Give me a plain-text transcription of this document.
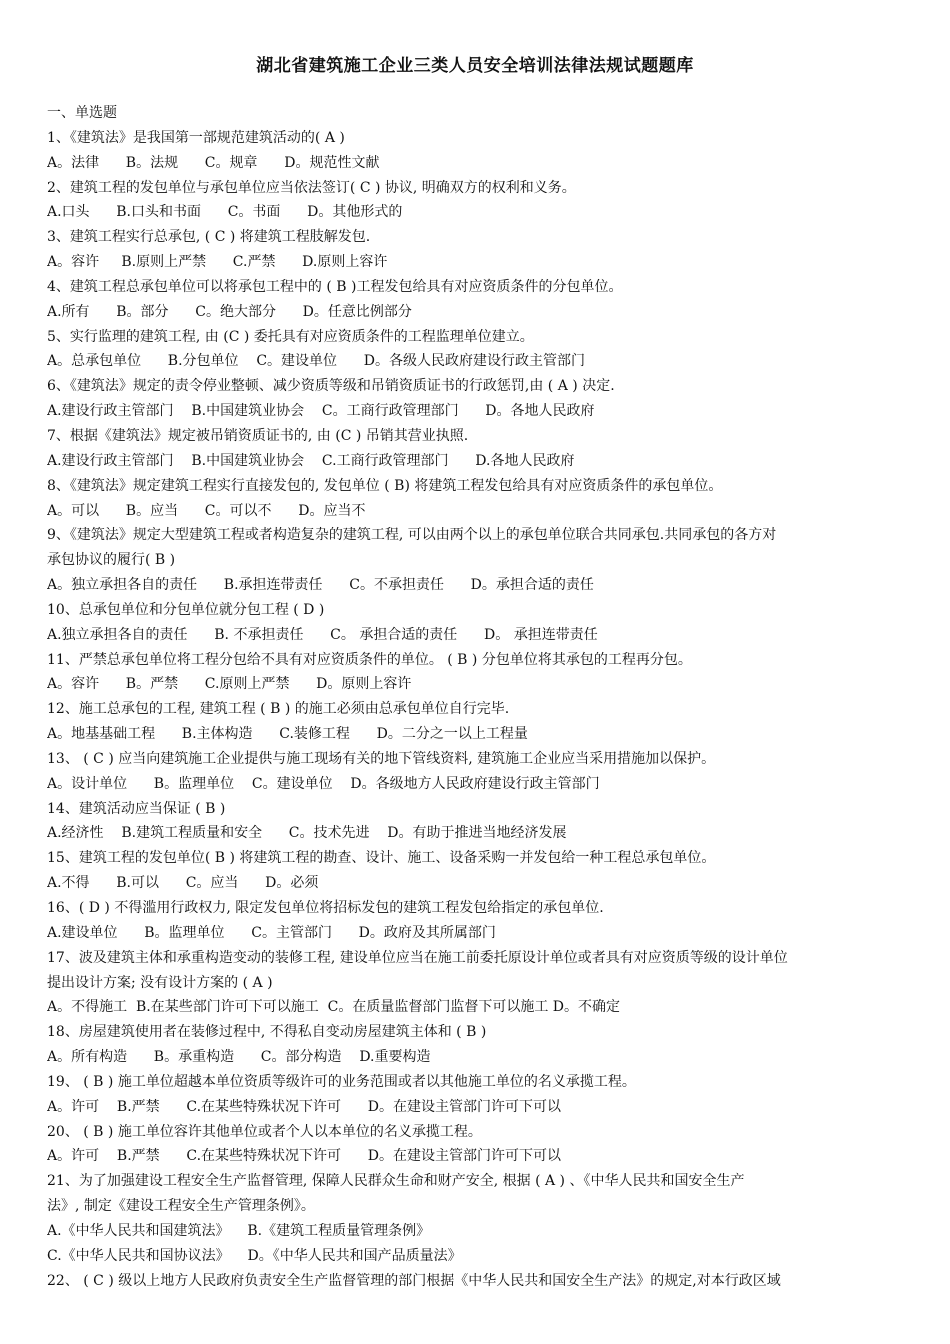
湖北省建筑施工企业三类人员安全培训法律法规试题题库
一、单选题
1、《建筑法》是我国第一部规范建筑活动的( A )
A。法律      B。法规      C。规章      D。规范性文献
2、建筑工程的发包单位与承包单位应当依法签订( C ) 协议, 明确双方的权利和义务。
A.口头      B.口头和书面      C。书面      D。其他形式的
3、建筑工程实行总承包, ( C ) 将建筑工程肢解发包.
A。容许     B.原则上严禁      C.严禁      D.原则上容许
4、建筑工程总承包单位可以将承包工程中的 ( B )工程发包给具有对应资质条件的分包单位。
A.所有      B。部分      C。绝大部分      D。任意比例部分
5、实行监理的建筑工程, 由 (C ) 委托具有对应资质条件的工程监理单位建立。
A。总承包单位      B.分包单位    C。建设单位      D。各级人民政府建设行政主管部门
6、《建筑法》规定的责令停业整顿、减少资质等级和吊销资质证书的行政惩罚,由 ( A ) 决定.
A.建设行政主管部门    B.中国建筑业协会    C。工商行政管理部门      D。各地人民政府
7、根据《建筑法》规定被吊销资质证书的, 由 (C ) 吊销其营业执照.
A.建设行政主管部门    B.中国建筑业协会    C.工商行政管理部门      D.各地人民政府
8、《建筑法》规定建筑工程实行直接发包的, 发包单位 ( B) 将建筑工程发包给具有对应资质条件的承包单位。
A。可以      B。应当      C。可以不      D。应当不
9、《建筑法》规定大型建筑工程或者构造复杂的建筑工程, 可以由两个以上的承包单位联合共同承包.共同承包的各方对
承包协议的履行( B )
A。独立承担各自的责任      B.承担连带责任      C。不承担责任      D。承担合适的责任
10、总承包单位和分包单位就分包工程 ( D )
A.独立承担各自的责任      B. 不承担责任      C。 承担合适的责任      D。 承担连带责任
11、严禁总承包单位将工程分包给不具有对应资质条件的单位。 ( B ) 分包单位将其承包的工程再分包。
A。容许      B。严禁      C.原则上严禁      D。原则上容许
12、施工总承包的工程, 建筑工程 ( B ) 的施工必须由总承包单位自行完毕.
A。地基基础工程      B.主体构造      C.装修工程      D。二分之一以上工程量
13、 ( C ) 应当向建筑施工企业提供与施工现场有关的地下管线资料, 建筑施工企业应当采用措施加以保护。
A。设计单位      B。监理单位    C。建设单位    D。各级地方人民政府建设行政主管部门
14、建筑活动应当保证 ( B )
A.经济性    B.建筑工程质量和安全      C。技术先进    D。有助于推进当地经济发展
15、建筑工程的发包单位( B ) 将建筑工程的勘查、设计、施工、设备采购一并发包给一种工程总承包单位。
A.不得      B.可以      C。应当      D。必须
16、( D ) 不得滥用行政权力, 限定发包单位将招标发包的建筑工程发包给指定的承包单位.
A.建设单位      B。监理单位      C。主管部门      D。政府及其所属部门
17、波及建筑主体和承重构造变动的装修工程, 建设单位应当在施工前委托原设计单位或者具有对应资质等级的设计单位
提出设计方案; 没有设计方案的 ( A )
A。不得施工  B.在某些部门许可下可以施工  C。在质量监督部门监督下可以施工 D。不确定
18、房屋建筑使用者在装修过程中, 不得私自变动房屋建筑主体和 ( B )
A。所有构造      B。承重构造      C。部分构造    D.重要构造
19、 ( B ) 施工单位超越本单位资质等级许可的业务范围或者以其他施工单位的名义承揽工程。
A。许可    B.严禁      C.在某些特殊状况下许可      D。在建设主管部门许可下可以
20、 ( B ) 施工单位容许其他单位或者个人以本单位的名义承揽工程。
A。许可    B.严禁      C.在某些特殊状况下许可      D。在建设主管部门许可下可以
21、为了加强建设工程安全生产监督管理, 保障人民群众生命和财产安全, 根据 ( A ) 、《中华人民共和国安全生产
法》, 制定《建设工程安全生产管理条例》。
A.《中华人民共和国建筑法》    B.《建筑工程质量管理条例》
C.《中华人民共和国协议法》    D。《中华人民共和国产品质量法》
22、 ( C ) 级以上地方人民政府负责安全生产监督管理的部门根据《中华人民共和国安全生产法》的规定,对本行政区域
